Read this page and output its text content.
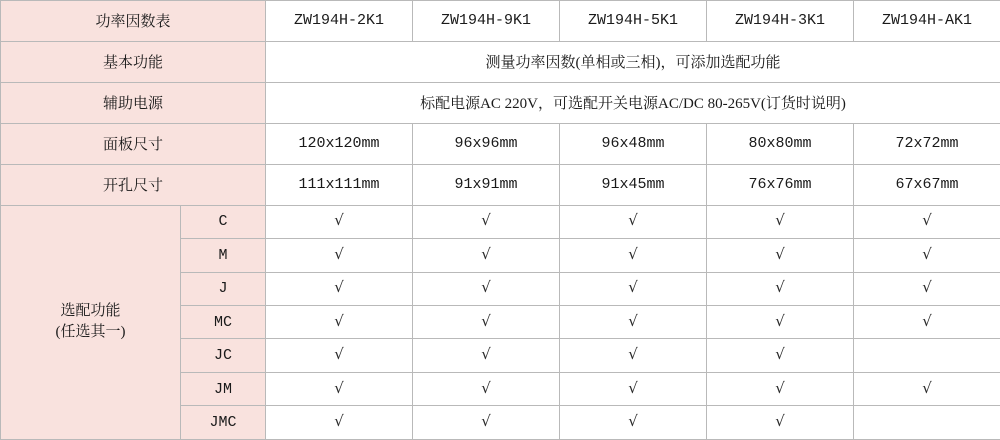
功率因数表		ZW194H-2K1	ZW194H-9K1	ZW194H-5K1	ZW194H-3K1	ZW194H-AK1
基本功能		测量功率因数(单相或三相)，可添加选配功能				
辅助电源		标配电源AC 220V，可选配开关电源AC/DC 80-265V(订货时说明)				
面板尺寸		120x120mm	96x96mm	96x48mm	80x80mm	72x72mm
开孔尺寸		111x111mm	91x91mm	91x45mm	76x76mm	67x67mm

选配功能
(任选其一)	C	√	√	√	√	√
	M	√	√	√	√	√
	J	√	√	√	√	√
	MC	√	√	√	√	√
	JC	√	√	√	√	
	JM	√	√	√	√	√
	JMC	√	√	√	√	
